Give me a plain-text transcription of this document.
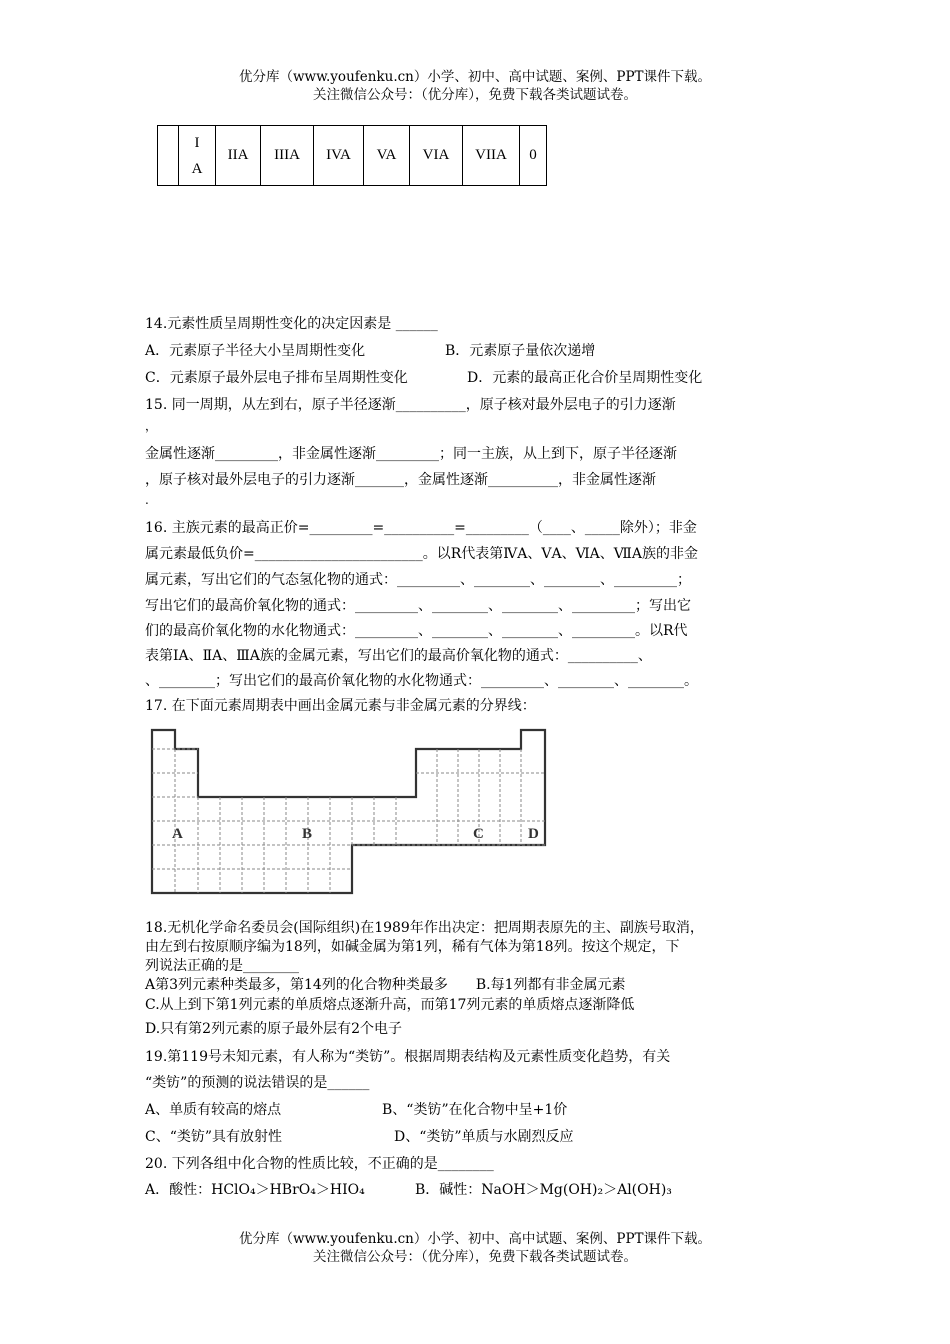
优分库（www.youfenku.cn）小学、初中、高中试题、案例、PPT课件下载。
关注微信公众号：（优分库），免费下载各类试题试卷。
	I
A	IIA	IIIA	IVA	VA	VIA	VIIA	0
14.元素性质呈周期性变化的决定因素是 ______
A．元素原子半径大小呈周期性变化	B．元素原子量依次递增
C．元素原子最外层电子排布呈周期性变化	D．元素的最高正化合价呈周期性变化
15. 同一周期，从左到右，原子半径逐渐__________，原子核对最外层电子的引力逐渐
，
金属性逐渐_________，非金属性逐渐_________；同一主族，从上到下，原子半径逐渐
，原子核对最外层电子的引力逐渐_______，金属性逐渐__________，非金属性逐渐
.
16. 主族元素的最高正价=_________=__________=_________（____、_____除外）；非金
属元素最低负价=________________________。以R代表第ⅣA、ⅤA、ⅥA、ⅦA族的非金
属元素，写出它们的气态氢化物的通式：_________、________、________、_________；
写出它们的最高价氧化物的通式：_________、________、________、_________；写出它
们的最高价氧化物的水化物通式：_________、________、________、_________。以R代
表第ⅠA、ⅡA、ⅢA族的金属元素，写出它们的最高价氧化物的通式：__________、
、________；写出它们的最高价氧化物的水化物通式：_________、________、________。
17. 在下面元素周期表中画出金属元素与非金属元素的分界线：
A	B	C	D
18.无机化学命名委员会(国际组织)在1989年作出决定：把周期表原先的主、副族号取消，
由左到右按原顺序编为18列，如碱金属为第1列，稀有气体为第18列。按这个规定，下
列说法正确的是________
A第3列元素种类最多，第14列的化合物种类最多　　B.每1列都有非金属元素
C.从上到下第1列元素的单质熔点逐渐升高，而第17列元素的单质熔点逐渐降低
D.只有第2列元素的原子最外层有2个电子
19.第119号未知元素，有人称为“类钫”。根据周期表结构及元素性质变化趋势，有关
“类钫”的预测的说法错误的是______
A、单质有较高的熔点	B、“类钫”在化合物中呈+1价
C、“类钫”具有放射性	D、“类钫”单质与水剧烈反应
20. 下列各组中化合物的性质比较，不正确的是________
A．酸性：HClO₄＞HBrO₄＞HIO₄	B．碱性：NaOH＞Mg(OH)₂＞Al(OH)₃
优分库（www.youfenku.cn）小学、初中、高中试题、案例、PPT课件下载。
关注微信公众号：（优分库），免费下载各类试题试卷。
